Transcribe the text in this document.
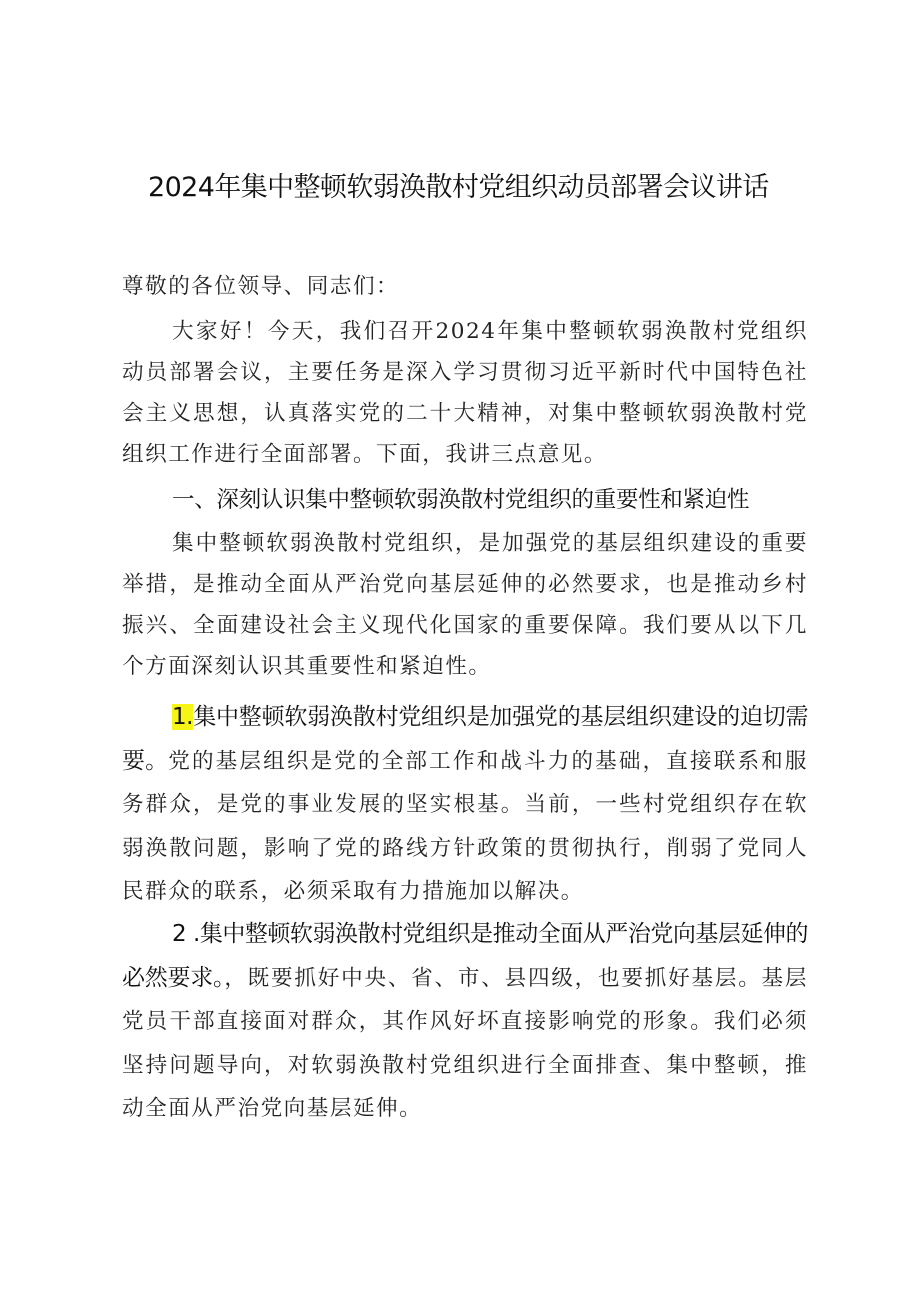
2024年集中整顿软弱涣散村党组织动员部署会议讲话
尊敬的各位领导、同志们：
大家好！今天，我们召开2024年集中整顿软弱涣散村党组织动员部署会议，主要任务是深入学习贯彻习近平新时代中国特色社会主义思想，认真落实党的二十大精神，对集中整顿软弱涣散村党组织工作进行全面部署。下面，我讲三点意见。
一、深刻认识集中整顿软弱涣散村党组织的重要性和紧迫性
集中整顿软弱涣散村党组织，是加强党的基层组织建设的重要举措，是推动全面从严治党向基层延伸的必然要求，也是推动乡村振兴、全面建设社会主义现代化国家的重要保障。我们要从以下几个方面深刻认识其重要性和紧迫性。
1.集中整顿软弱涣散村党组织是加强党的基层组织建设的迫切需要。党的基层组织是党的全部工作和战斗力的基础，直接联系和服务群众，是党的事业发展的坚实根基。当前，一些村党组织存在软弱涣散问题，影响了党的路线方针政策的贯彻执行，削弱了党同人民群众的联系，必须采取有力措施加以解决。
2 .集中整顿软弱涣散村党组织是推动全面从严治党向基层延伸的必然要求。，既要抓好中央、省、市、县四级，也要抓好基层。基层党员干部直接面对群众，其作风好坏直接影响党的形象。我们必须坚持问题导向，对软弱涣散村党组织进行全面排查、集中整顿，推动全面从严治党向基层延伸。
